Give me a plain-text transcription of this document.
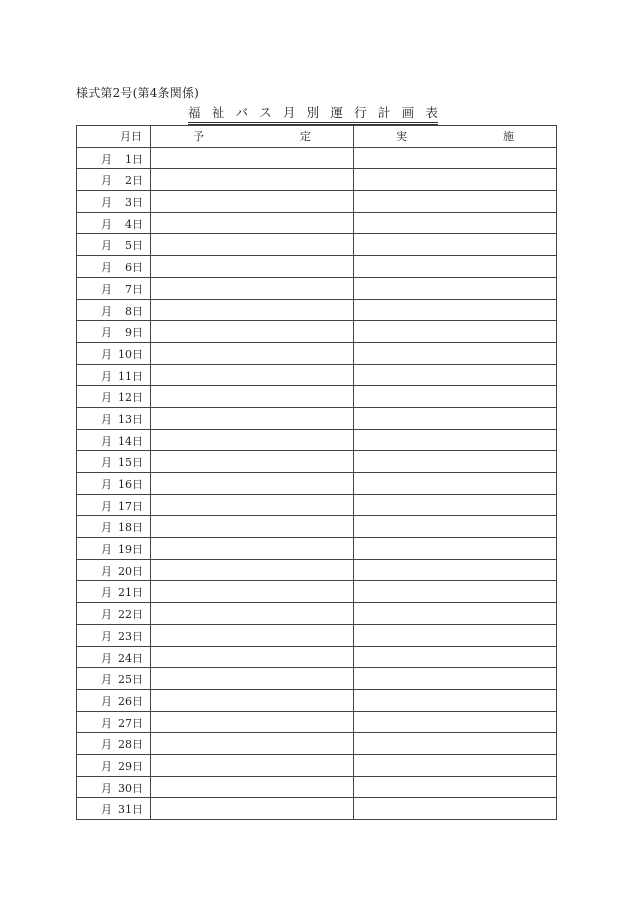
様式第2号(第4条関係)
福 祉 バ ス 月 別 運 行 計 画 表
月日	予 定	実 施

月 1日		

月 2日		

月 3日		

月 4日		

月 5日		

月 6日		

月 7日		

月 8日		

月 9日		

月 10日		

月 11日		

月 12日		

月 13日		

月 14日		

月 15日		

月 16日		

月 17日		

月 18日		

月 19日		

月 20日		

月 21日		

月 22日		

月 23日		

月 24日		

月 25日		

月 26日		

月 27日		

月 28日		

月 29日		

月 30日		

月 31日		
